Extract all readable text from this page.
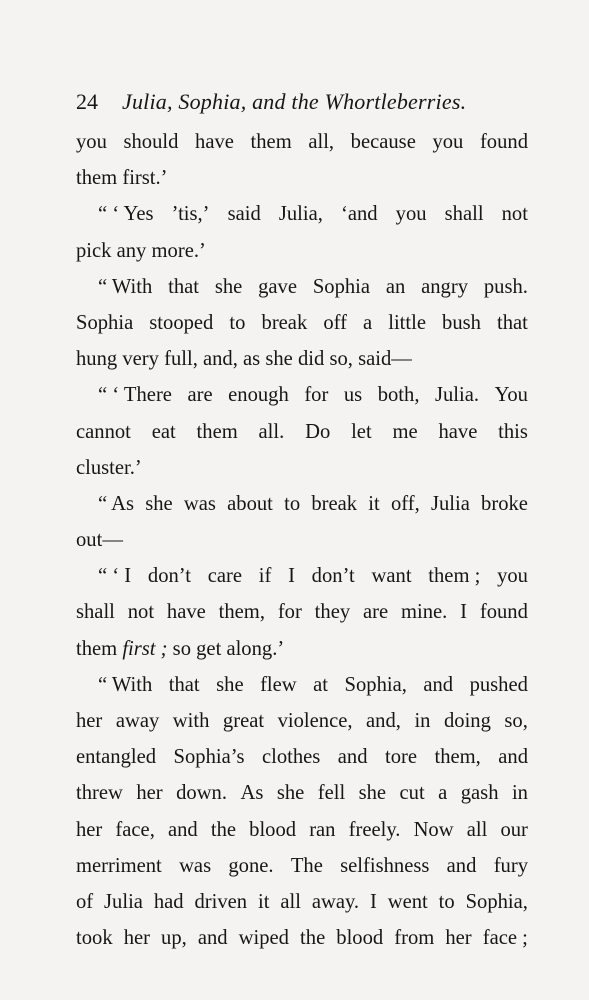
24 Julia, Sophia, and the Whortleberries.
you should have them all, because you found
them first.’
“ ‘ Yes ’tis,’ said Julia, ‘and you shall not
pick any more.’
“ With that she gave Sophia an angry push.
Sophia stooped to break off a little bush that
hung very full, and, as she did so, said—
“ ‘ There are enough for us both, Julia. You
cannot eat them all. Do let me have this
cluster.’
“ As she was about to break it off, Julia broke
out—
“ ‘ I don’t care if I don’t want them ; you
shall not have them, for they are mine. I found
them first ; so get along.’
“ With that she flew at Sophia, and pushed
her away with great violence, and, in doing so,
entangled Sophia’s clothes and tore them, and
threw her down. As she fell she cut a gash in
her face, and the blood ran freely. Now all our
merriment was gone. The selfishness and fury
of Julia had driven it all away. I went to Sophia,
took her up, and wiped the blood from her face ;
